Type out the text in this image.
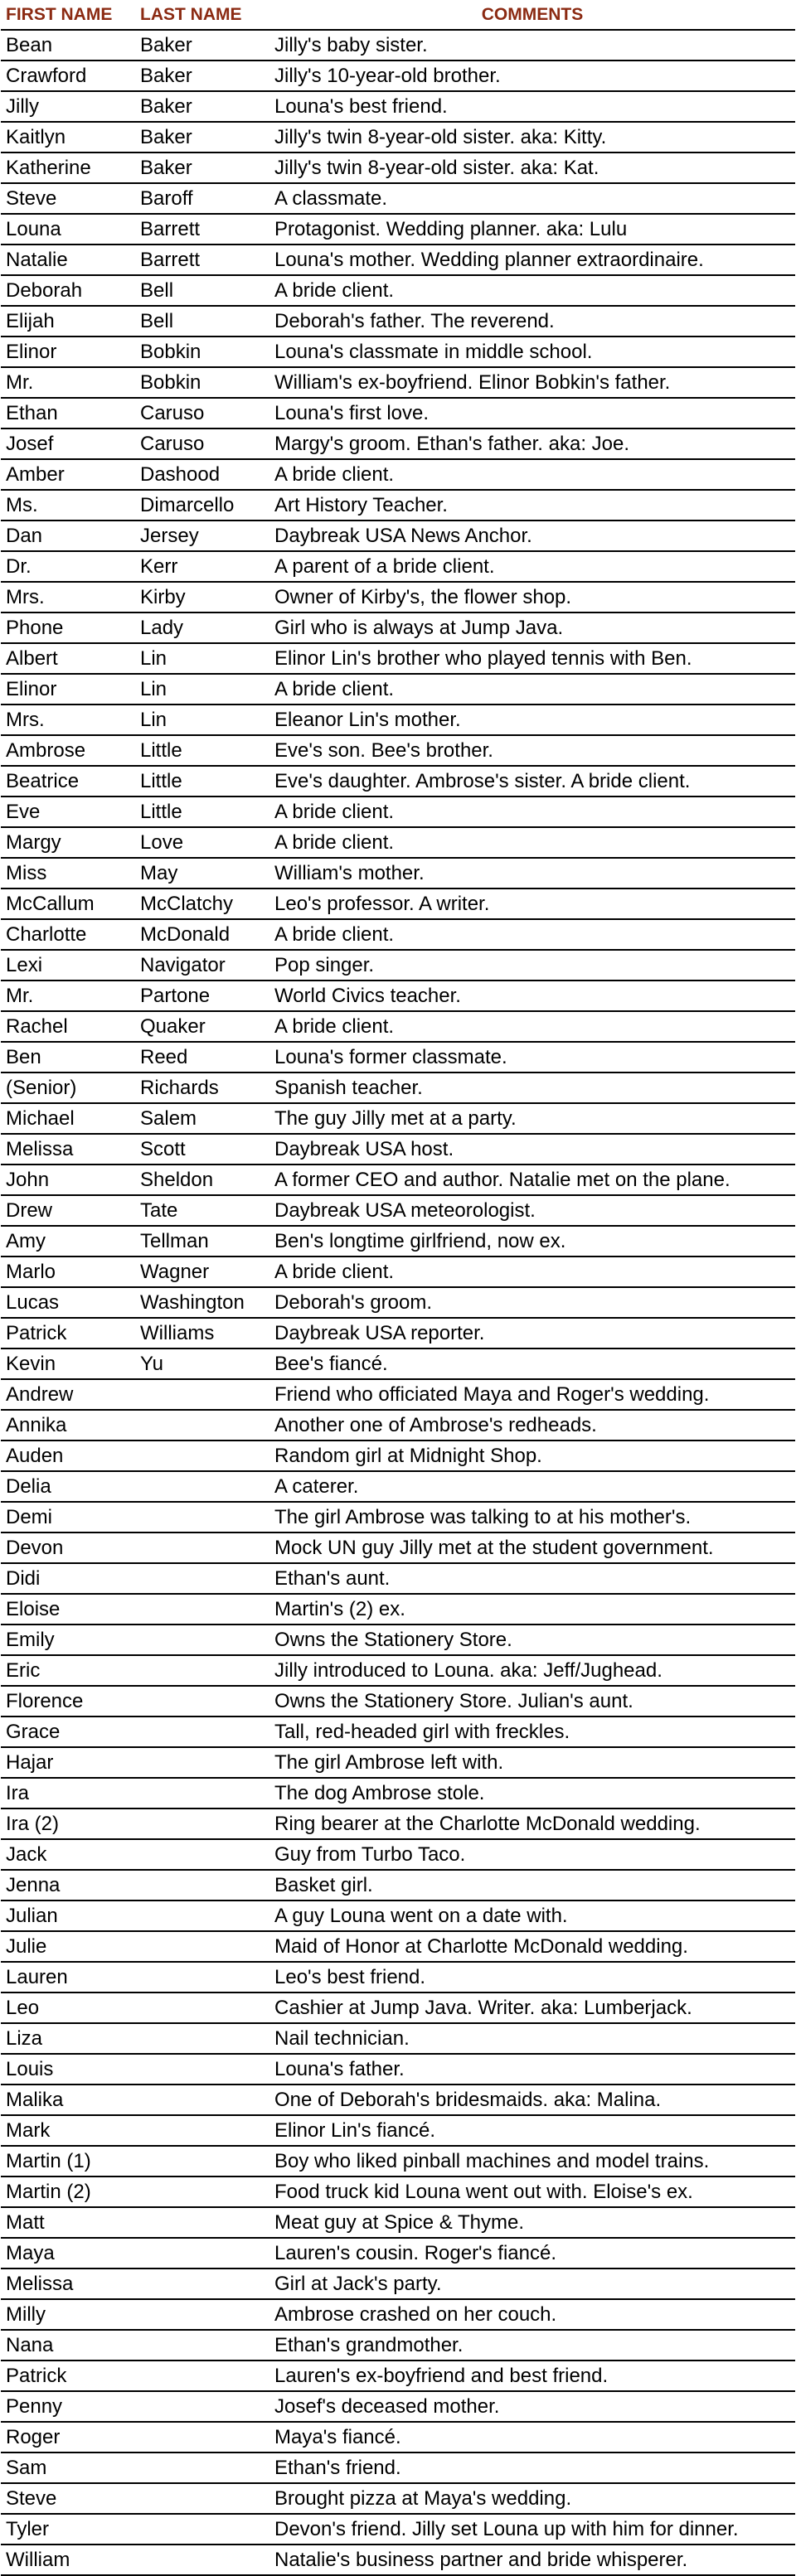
FIRST NAME	LAST NAME	COMMENTS
Bean	Baker	Jilly's baby sister.
Crawford	Baker	Jilly's 10-year-old brother.
Jilly	Baker	Louna's best friend.
Kaitlyn	Baker	Jilly's twin 8-year-old sister. aka: Kitty.
Katherine	Baker	Jilly's twin 8-year-old sister. aka: Kat.
Steve	Baroff	A classmate.
Louna	Barrett	Protagonist. Wedding planner. aka: Lulu
Natalie	Barrett	Louna's mother. Wedding planner extraordinaire.
Deborah	Bell	A bride client.
Elijah	Bell	Deborah's father. The reverend.
Elinor	Bobkin	Louna's classmate in middle school.
Mr.	Bobkin	William's ex-boyfriend. Elinor Bobkin's father.
Ethan	Caruso	Louna's first love.
Josef	Caruso	Margy's groom. Ethan's father. aka: Joe.
Amber	Dashood	A bride client.
Ms.	Dimarcello	Art History Teacher.
Dan	Jersey	Daybreak USA News Anchor.
Dr.	Kerr	A parent of a bride client.
Mrs.	Kirby	Owner of Kirby's, the flower shop.
Phone	Lady	Girl who is always at Jump Java.
Albert	Lin	Elinor Lin's brother who played tennis with Ben.
Elinor	Lin	A bride client.
Mrs.	Lin	Eleanor Lin's mother.
Ambrose	Little	Eve's son. Bee's brother.
Beatrice	Little	Eve's daughter. Ambrose's sister. A bride client.
Eve	Little	A bride client.
Margy	Love	A bride client.
Miss	May	William's mother.
McCallum	McClatchy	Leo's professor. A writer.
Charlotte	McDonald	A bride client.
Lexi	Navigator	Pop singer.
Mr.	Partone	World Civics teacher.
Rachel	Quaker	A bride client.
Ben	Reed	Louna's former classmate.
(Senior)	Richards	Spanish teacher.
Michael	Salem	The guy Jilly met at a party.
Melissa	Scott	Daybreak USA host.
John	Sheldon	A former CEO and author. Natalie met on the plane.
Drew	Tate	Daybreak USA meteorologist.
Amy	Tellman	Ben's longtime girlfriend, now ex.
Marlo	Wagner	A bride client.
Lucas	Washington	Deborah's groom.
Patrick	Williams	Daybreak USA reporter.
Kevin	Yu	Bee's fiancé.
Andrew		Friend who officiated Maya and Roger's wedding.
Annika		Another one of Ambrose's redheads.
Auden		Random girl at Midnight Shop.
Delia		A caterer.
Demi		The girl Ambrose was talking to at his mother's.
Devon		Mock UN guy Jilly met at the student government.
Didi		Ethan's aunt.
Eloise		Martin's (2) ex.
Emily		Owns the Stationery Store.
Eric		Jilly introduced to Louna. aka: Jeff/Jughead.
Florence		Owns the Stationery Store. Julian's aunt.
Grace		Tall, red-headed girl with freckles.
Hajar		The girl Ambrose left with.
Ira		The dog Ambrose stole.
Ira (2)		Ring bearer at the Charlotte McDonald wedding.
Jack		Guy from Turbo Taco.
Jenna		Basket girl.
Julian		A guy Louna went on a date with.
Julie		Maid of Honor at Charlotte McDonald wedding.
Lauren		Leo's best friend.
Leo		Cashier at Jump Java. Writer. aka: Lumberjack.
Liza		Nail technician.
Louis		Louna's father.
Malika		One of Deborah's bridesmaids. aka: Malina.
Mark		Elinor Lin's fiancé.
Martin (1)		Boy who liked pinball machines and model trains.
Martin (2)		Food truck kid Louna went out with. Eloise's ex.
Matt		Meat guy at Spice & Thyme.
Maya		Lauren's cousin. Roger's fiancé.
Melissa		Girl at Jack's party.
Milly		Ambrose crashed on her couch.
Nana		Ethan's grandmother.
Patrick		Lauren's ex-boyfriend and best friend.
Penny		Josef's deceased mother.
Roger		Maya's fiancé.
Sam		Ethan's friend.
Steve		Brought pizza at Maya's wedding.
Tyler		Devon's friend. Jilly set Louna up with him for dinner.
William		Natalie's business partner and bride whisperer.
